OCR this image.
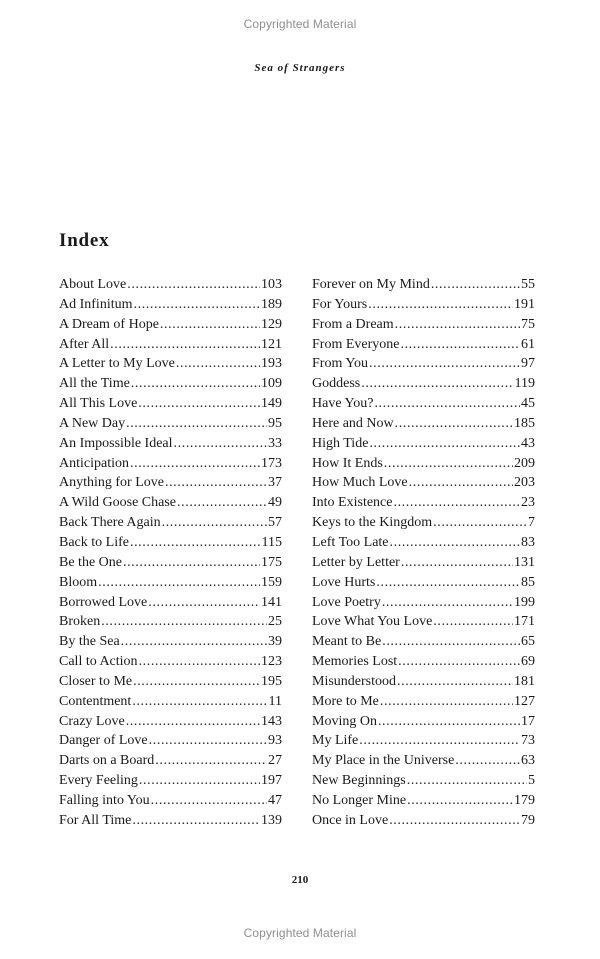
Copyrighted Material
Sea of Strangers
Index
About Love .....	103
Ad Infinitum .....	189
A Dream of Hope .....	129
After All .....	121
A Letter to My Love .....	193
All the Time .....	109
All This Love .....	149
A New Day .....	95
An Impossible Ideal .....	33
Anticipation .....	173
Anything for Love .....	37
A Wild Goose Chase .....	49
Back There Again .....	57
Back to Life .....	115
Be the One .....	175
Bloom .....	159
Borrowed Love .....	141
Broken .....	25
By the Sea .....	39
Call to Action .....	123
Closer to Me .....	195
Contentment .....	11
Crazy Love .....	143
Danger of Love .....	93
Darts on a Board .....	27
Every Feeling .....	197
Falling into You .....	47
For All Time .....	139
Forever on My Mind .....	55
For Yours .....	191
From a Dream .....	75
From Everyone .....	61
From You .....	97
Goddess .....	119
Have You? .....	45
Here and Now .....	185
High Tide .....	43
How It Ends .....	209
How Much Love .....	203
Into Existence .....	23
Keys to the Kingdom .....	7
Left Too Late .....	83
Letter by Letter .....	131
Love Hurts .....	85
Love Poetry .....	199
Love What You Love .....	171
Meant to Be .....	65
Memories Lost .....	69
Misunderstood .....	181
More to Me .....	127
Moving On .....	17
My Life .....	73
My Place in the Universe .....	63
New Beginnings .....	5
No Longer Mine .....	179
Once in Love .....	79
210
Copyrighted Material
